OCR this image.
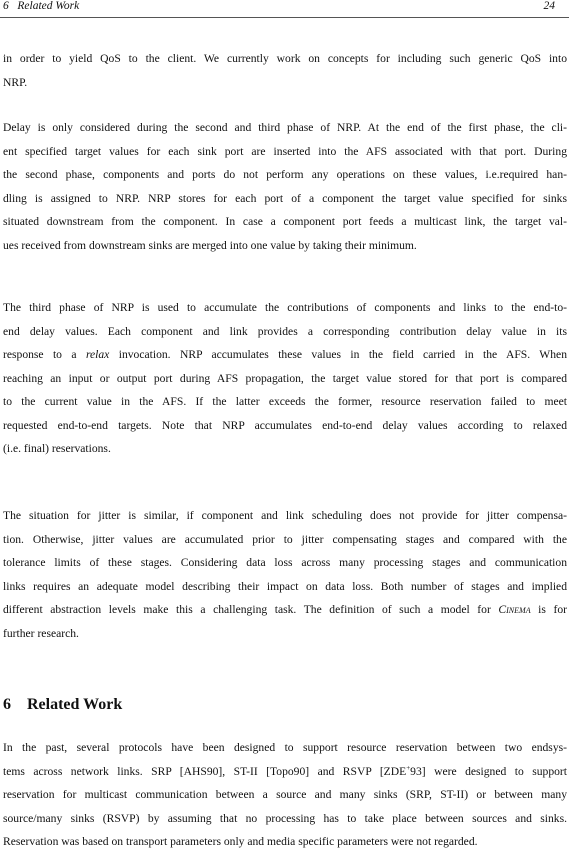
6   Related Work	24

in order to yield QoS to the client. We currently work on concepts for including such generic QoS into
NRP.

Delay is only considered during the second and third phase of NRP. At the end of the first phase, the cli-
ent specified target values for each sink port are inserted into the AFS associated with that port. During
the second phase, components and ports do not perform any operations on these values, i.e.required han-
dling is assigned to NRP. NRP stores for each port of a component the target value specified for sinks
situated downstream from the component. In case a component port feeds a multicast link, the target val-
ues received from downstream sinks are merged into one value by taking their minimum.

The third phase of NRP is used to accumulate the contributions of components and links to the end-to-
end delay values. Each component and link provides a corresponding contribution delay value in its
response to a relax invocation. NRP accumulates these values in the field carried in the AFS. When
reaching an input or output port during AFS propagation, the target value stored for that port is compared
to the current value in the AFS. If the latter exceeds the former, resource reservation failed to meet
requested end-to-end targets. Note that NRP accumulates end-to-end delay values according to relaxed
(i.e. final) reservations.

The situation for jitter is similar, if component and link scheduling does not provide for jitter compensa-
tion. Otherwise, jitter values are accumulated prior to jitter compensating stages and compared with the
tolerance limits of these stages. Considering data loss across many processing stages and communication
links requires an adequate model describing their impact on data loss. Both number of stages and implied
different abstraction levels make this a challenging task. The definition of such a model for Cinema is for
further research.

6 Related Work

In the past, several protocols have been designed to support resource reservation between two endsys-
tems across network links. SRP [AHS90], ST-II [Topo90] and RSVP [ZDE+93] were designed to support
reservation for multicast communication between a source and many sinks (SRP, ST-II) or between many
source/many sinks (RSVP) by assuming that no processing has to take place between sources and sinks.
Reservation was based on transport parameters only and media specific parameters were not regarded.
